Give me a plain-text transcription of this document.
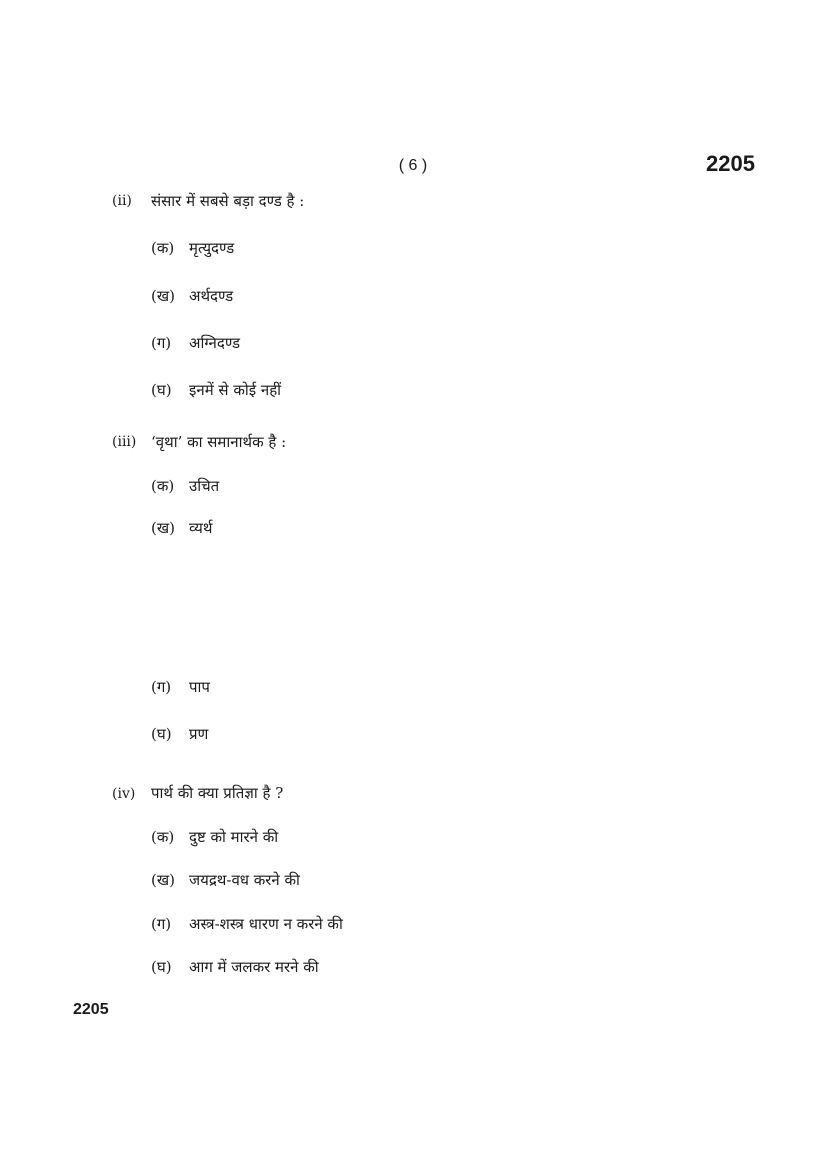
( 6 )	2205
(ii) संसार में सबसे बड़ा दण्ड है :
(क) मृत्युदण्ड
(ख) अर्थदण्ड
(ग) अग्निदण्ड
(घ) इनमें से कोई नहीं
(iii) ‘वृथा’ का समानार्थक है :
(क) उचित
(ख) व्यर्थ
(ग) पाप
(घ) प्रण
(iv) पार्थ की क्या प्रतिज्ञा है ?
(क) दुष्ट को मारने की
(ख) जयद्रथ-वध करने की
(ग) अस्त्र-शस्त्र धारण न करने की
(घ) आग में जलकर मरने की
2205
